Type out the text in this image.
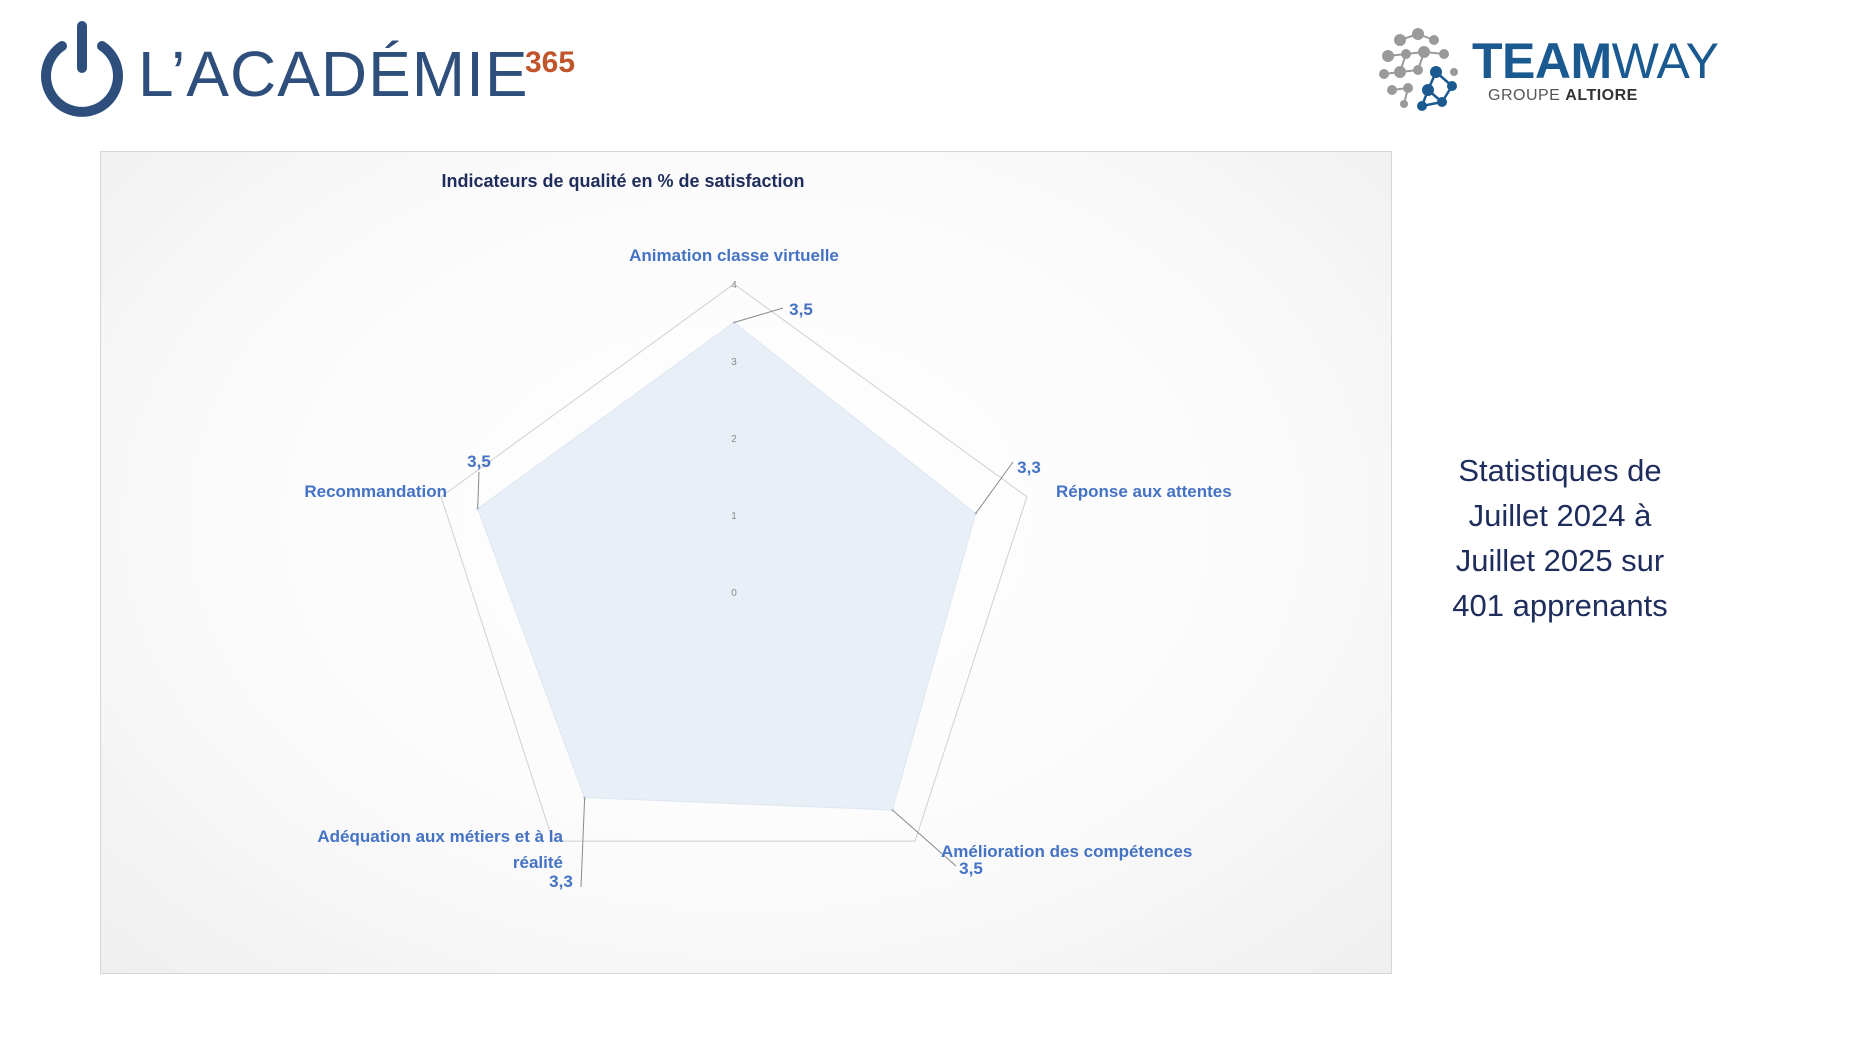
L’ACADÉMIE
365	TEAMWAY
GROUPE ALTIORE
Indicateurs de qualité en % de satisfaction
0
1
2
3
4
Animation classe virtuelle
Réponse aux attentes
Amélioration des compétences
Adéquation aux métiers et à la réalité
Recommandation
3,5
3,3
3,5
3,3
3,5	Statistiques de
Juillet 2024 à
Juillet 2025 sur
401 apprenants
